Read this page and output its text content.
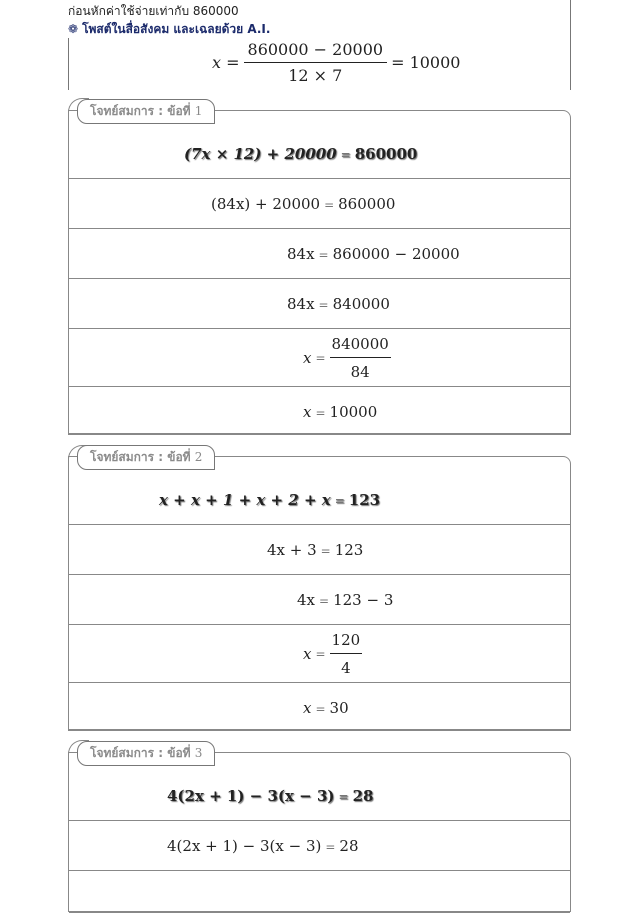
ก่อนหักค่าใช้จ่ายเท่ากับ 860000
❁ โพสต์ในสื่อสังคม และเฉลยด้วย A.I.
$x = \frac{860000 - 20000}{12 \times 7} = 10000$
(7x × 12) + 20000 = 860000
(84x) + 20000 = 860000
84x = 860000 − 20000
84x = 840000
$x = \frac{840000}{84}$
x = 10000
โจทย์สมการ : ข้อที่ 1
x + x + 1 + x + 2 + x = 123
4x + 3 = 123
4x = 123 − 3
$x = \frac{120}{4}$
x = 30
โจทย์สมการ : ข้อที่ 2
4(2x + 1) − 3(x − 3) = 28
4(2x + 1) − 3(x − 3) = 28
โจทย์สมการ : ข้อที่ 3
